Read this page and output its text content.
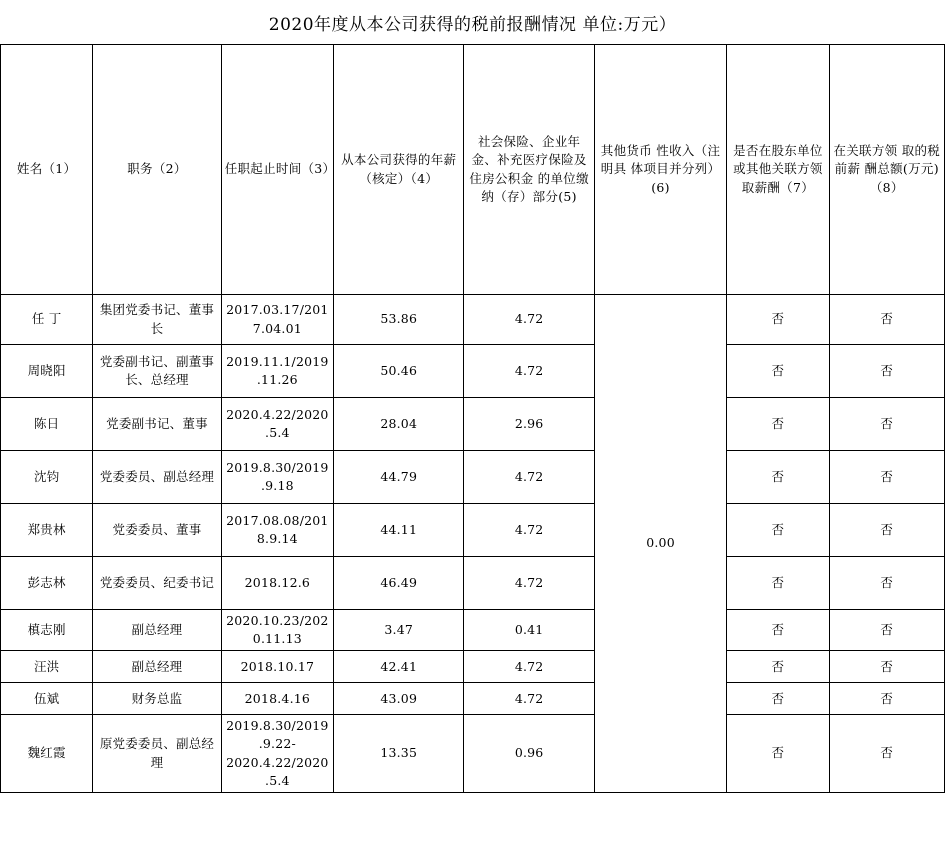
2020年度从本公司获得的税前报酬情况 单位:万元）
姓名（1）	职务（2）	任职起止时间（3）	从本公司获得的年薪（核定）（4）	社会保险、企业年金、补充医疗保险及 住房公积金 的单位缴纳（存）部分(5)	其他货币 性收入（注明具 体项目并分列）(6)	是否在股东单位或其他关联方领取薪酬（7）	在关联方领 取的税前薪 酬总额(万元)（8）
任 丁	集团党委书记、董事长	2017.03.17/2017.04.01	53.86	4.72	0.00	否	否
周晓阳	党委副书记、副董事长、总经理	2019.11.1/2019.11.26	50.46	4.72		否	否
陈日	党委副书记、董事	2020.4.22/2020.5.4	28.04	2.96		否	否
沈钧	党委委员、副总经理	2019.8.30/2019.9.18	44.79	4.72		否	否
郑贵林	党委委员、董事	2017.08.08/2018.9.14	44.11	4.72		否	否
彭志林	党委委员、纪委书记	2018.12.6	46.49	4.72		否	否
槙志刚	副总经理	2020.10.23/2020.11.13	3.47	0.41		否	否
汪洪	副总经理	2018.10.17	42.41	4.72		否	否
伍斌	财务总监	2018.4.16	43.09	4.72		否	否
魏红霞	原党委委员、副总经理	2019.8.30/2019.9.22-2020.4.22/2020.5.4	13.35	0.96		否	否
